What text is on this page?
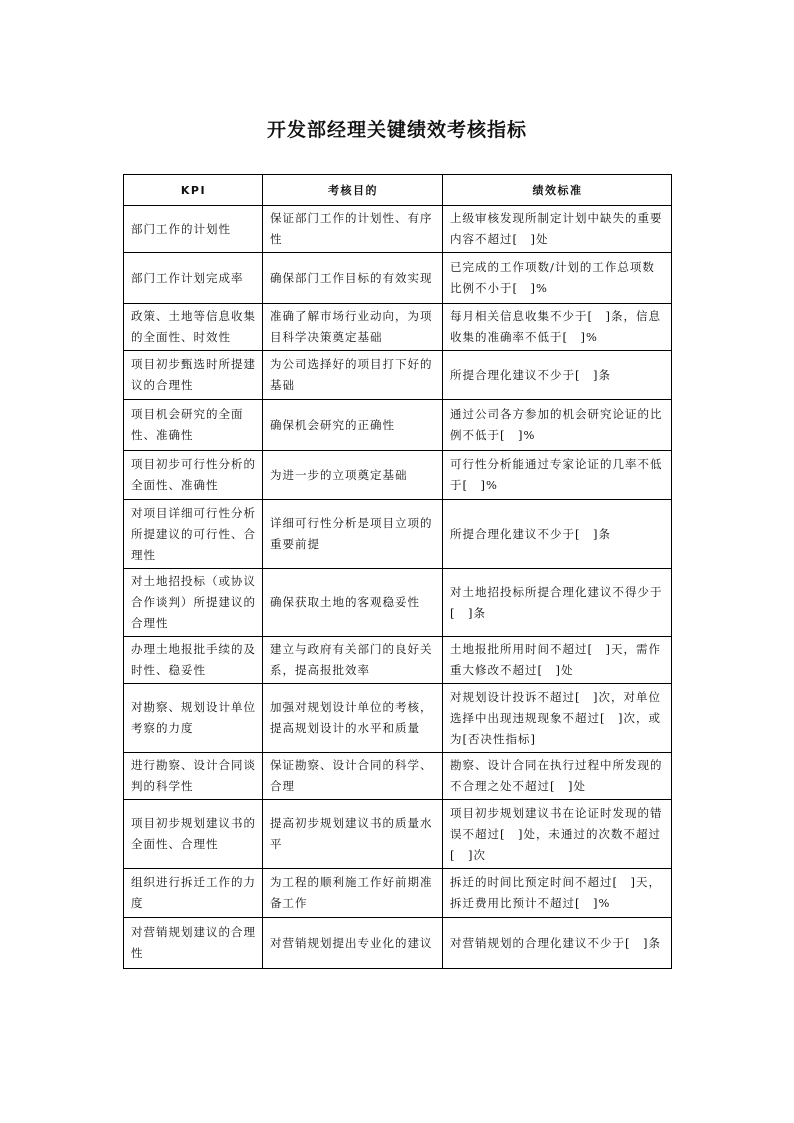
开发部经理关键绩效考核指标
KPI	考核目的	绩效标准
部门工作的计划性	保证部门工作的计划性、有序性	上级审核发现所制定计划中缺失的重要内容不超过[　]处
部门工作计划完成率	确保部门工作目标的有效实现	已完成的工作项数/计划的工作总项数比例不小于[　]%
政策、土地等信息收集的全面性、时效性	准确了解市场行业动向，为项目科学决策奠定基础	每月相关信息收集不少于[　]条，信息收集的准确率不低于[　]%
项目初步甄选时所提建议的合理性	为公司选择好的项目打下好的基础	所提合理化建议不少于[　]条
项目机会研究的全面性、准确性	确保机会研究的正确性	通过公司各方参加的机会研究论证的比例不低于[　]%
项目初步可行性分析的全面性、准确性	为进一步的立项奠定基础	可行性分析能通过专家论证的几率不低于[　]%
对项目详细可行性分析所提建议的可行性、合理性	详细可行性分析是项目立项的重要前提	所提合理化建议不少于[　]条
对土地招投标（或协议合作谈判）所提建议的合理性	确保获取土地的客观稳妥性	对土地招投标所提合理化建议不得少于[　]条
办理土地报批手续的及时性、稳妥性	建立与政府有关部门的良好关系，提高报批效率	土地报批所用时间不超过[　]天，需作重大修改不超过[　]处
对勘察、规划设计单位考察的力度	加强对规划设计单位的考核，提高规划设计的水平和质量	对规划设计投诉不超过[　]次，对单位选择中出现违规现象不超过[　]次，或为[否决性指标]
进行勘察、设计合同谈判的科学性	保证勘察、设计合同的科学、合理	勘察、设计合同在执行过程中所发现的不合理之处不超过[　]处
项目初步规划建议书的全面性、合理性	提高初步规划建议书的质量水平	项目初步规划建议书在论证时发现的错误不超过[　]处，未通过的次数不超过[　]次
组织进行拆迁工作的力度	为工程的顺利施工作好前期准备工作	拆迁的时间比预定时间不超过[　]天，拆迁费用比预计不超过[　]%
对营销规划建议的合理性	对营销规划提出专业化的建议	对营销规划的合理化建议不少于[　]条
